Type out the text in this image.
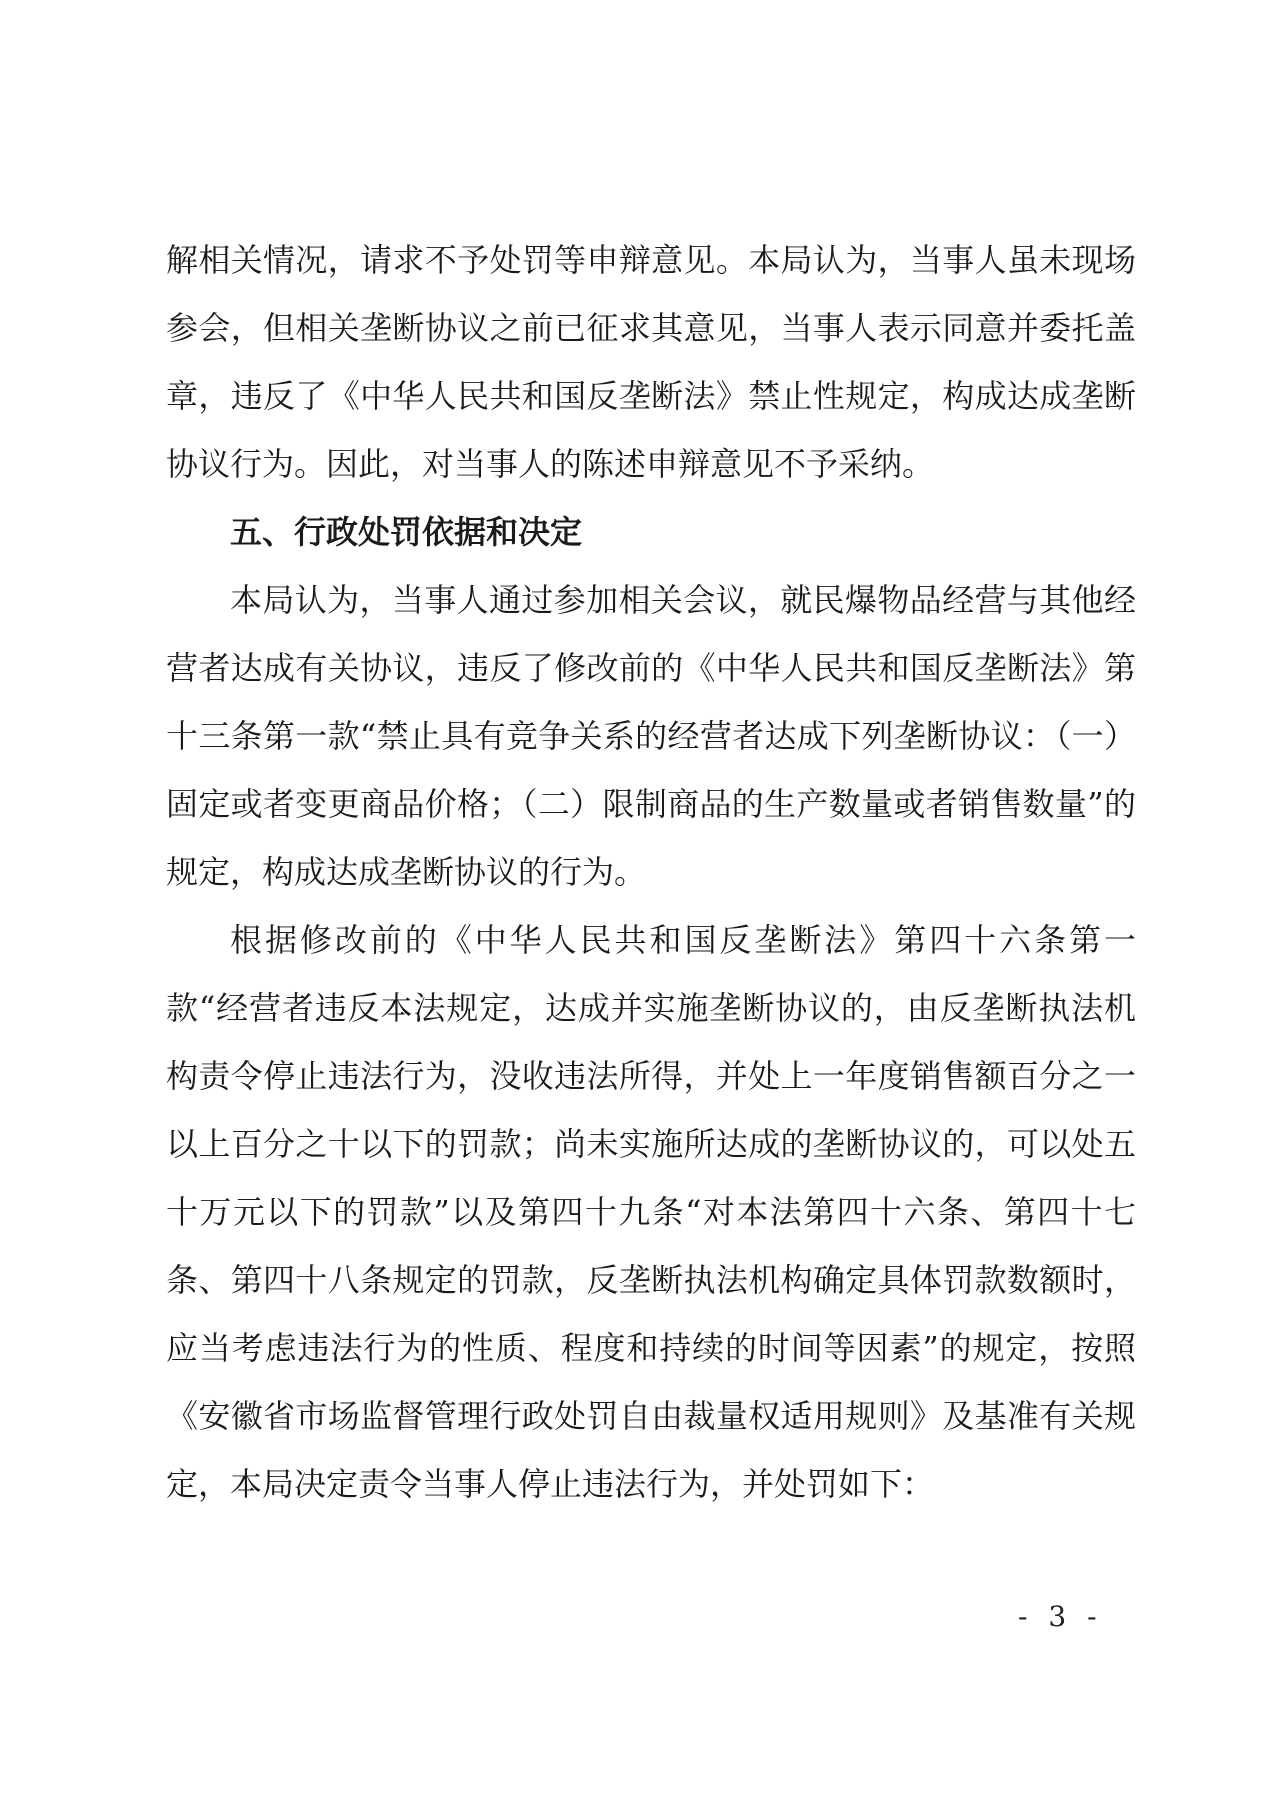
解相关情况，请求不予处罚等申辩意见。本局认为，当事人虽未现场参会，但相关垄断协议之前已征求其意见，当事人表示同意并委托盖章，违反了《中华人民共和国反垄断法》禁止性规定，构成达成垄断协议行为。因此，对当事人的陈述申辩意见不予采纳。

五、行政处罚依据和决定

本局认为，当事人通过参加相关会议，就民爆物品经营与其他经营者达成有关协议，违反了修改前的《中华人民共和国反垄断法》第十三条第一款“禁止具有竞争关系的经营者达成下列垄断协议：（一）固定或者变更商品价格；（二）限制商品的生产数量或者销售数量”的规定，构成达成垄断协议的行为。

根据修改前的《中华人民共和国反垄断法》第四十六条第一款“经营者违反本法规定，达成并实施垄断协议的，由反垄断执法机构责令停止违法行为，没收违法所得，并处上一年度销售额百分之一以上百分之十以下的罚款；尚未实施所达成的垄断协议的，可以处五十万元以下的罚款”以及第四十九条“对本法第四十六条、第四十七条、第四十八条规定的罚款，反垄断执法机构确定具体罚款数额时，应当考虑违法行为的性质、程度和持续的时间等因素”的规定，按照《安徽省市场监督管理行政处罚自由裁量权适用规则》及基准有关规定，本局决定责令当事人停止违法行为，并处罚如下：

- 3 -
